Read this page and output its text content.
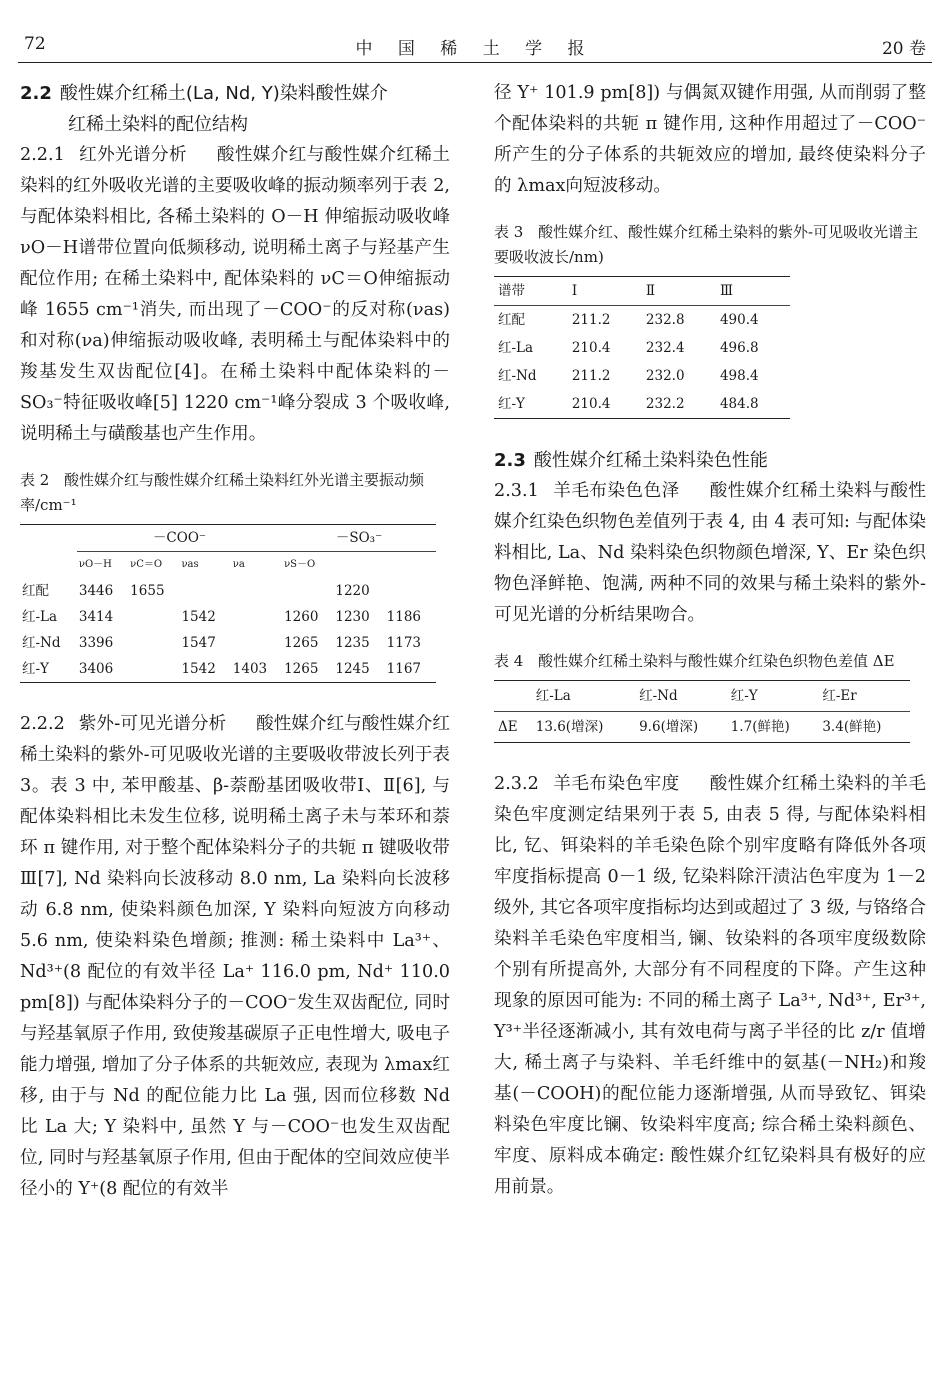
72	中 国 稀 土 学 报	20 卷
2.2 酸性媒介红稀土(La, Nd, Y)染料酸性媒介
红稀土染料的配位结构

2.2.1 红外光谱分析 酸性媒介红与酸性媒介红稀土染料的红外吸收光谱的主要吸收峰的振动频率列于表 2, 与配体染料相比, 各稀土染料的 O－H 伸缩振动吸收峰 νO－H谱带位置向低频移动, 说明稀土离子与羟基产生配位作用; 在稀土染料中, 配体染料的 νC＝O伸缩振动峰 1655 cm⁻¹消失, 而出现了－COO⁻的反对称(νas)和对称(νa)伸缩振动吸收峰, 表明稀土与配体染料中的羧基发生双齿配位[4]。在稀土染料中配体染料的－SO₃⁻特征吸收峰[5] 1220 cm⁻¹峰分裂成 3 个吸收峰, 说明稀土与磺酸基也产生作用。

表 2 酸性媒介红与酸性媒介红稀土染料红外光谱主要振动频率/cm⁻¹
	－COO⁻				－SO₃⁻		
	νO－H	νC＝O	νas	νa	νS－O		
红配	3446	1655				1220	
红-La	3414		1542		1260	1230	1186
红-Nd	3396		1547		1265	1235	1173
红-Y	3406		1542	1403	1265	1245	1167

2.2.2 紫外-可见光谱分析 酸性媒介红与酸性媒介红稀土染料的紫外-可见吸收光谱的主要吸收带波长列于表 3。表 3 中, 苯甲酸基、β-萘酚基团吸收带Ⅰ、Ⅱ[6], 与配体染料相比未发生位移, 说明稀土离子未与苯环和萘环 π 键作用, 对于整个配体染料分子的共轭 π 键吸收带Ⅲ[7], Nd 染料向长波移动 8.0 nm, La 染料向长波移动 6.8 nm, 使染料颜色加深, Y 染料向短波方向移动 5.6 nm, 使染料染色增颜; 推测: 稀土染料中 La³⁺、Nd³⁺(8 配位的有效半径 La⁺ 116.0 pm, Nd⁺ 110.0 pm[8]) 与配体染料分子的－COO⁻发生双齿配位, 同时与羟基氧原子作用, 致使羧基碳原子正电性增大, 吸电子能力增强, 增加了分子体系的共轭效应, 表现为 λmax红移, 由于与 Nd 的配位能力比 La 强, 因而位移数 Nd 比 La 大; Y 染料中, 虽然 Y 与－COO⁻也发生双齿配位, 同时与羟基氧原子作用, 但由于配体的空间效应使半径小的 Y⁺(8 配位的有效半

径 Y⁺ 101.9 pm[8]) 与偶氮双键作用强, 从而削弱了整个配体染料的共轭 π 键作用, 这种作用超过了－COO⁻所产生的分子体系的共轭效应的增加, 最终使染料分子的 λmax向短波移动。

表 3 酸性媒介红、酸性媒介红稀土染料的紫外-可见吸收光谱主要吸收波长/nm)
谱带	Ⅰ	Ⅱ	Ⅲ
红配	211.2	232.8	490.4
红-La	210.4	232.4	496.8
红-Nd	211.2	232.0	498.4
红-Y	210.4	232.2	484.8
2.3 酸性媒介红稀土染料染色性能

2.3.1 羊毛布染色色泽 酸性媒介红稀土染料与酸性媒介红染色织物色差值列于表 4, 由 4 表可知: 与配体染料相比, La、Nd 染料染色织物颜色增深, Y、Er 染色织物色泽鲜艳、饱满, 两种不同的效果与稀土染料的紫外-可见光谱的分析结果吻合。

表 4 酸性媒介红稀土染料与酸性媒介红染色织物色差值 ΔE
	红-La	红-Nd	红-Y	红-Er
ΔE	13.6(增深)	9.6(增深)	1.7(鲜艳)	3.4(鲜艳)

2.3.2 羊毛布染色牢度 酸性媒介红稀土染料的羊毛染色牢度测定结果列于表 5, 由表 5 得, 与配体染料相比, 钇、铒染料的羊毛染色除个别牢度略有降低外各项牢度指标提高 0－1 级, 钇染料除汗渍沾色牢度为 1－2 级外, 其它各项牢度指标均达到或超过了 3 级, 与铬络合染料羊毛染色牢度相当, 镧、钕染料的各项牢度级数除个别有所提高外, 大部分有不同程度的下降。产生这种现象的原因可能为: 不同的稀土离子 La³⁺, Nd³⁺, Er³⁺, Y³⁺半径逐渐减小, 其有效电荷与离子半径的比 z/r 值增大, 稀土离子与染料、羊毛纤维中的氨基(－NH₂)和羧基(－COOH)的配位能力逐渐增强, 从而导致钇、铒染料染色牢度比镧、钕染料牢度高; 综合稀土染料颜色、牢度、原料成本确定: 酸性媒介红钇染料具有极好的应用前景。
